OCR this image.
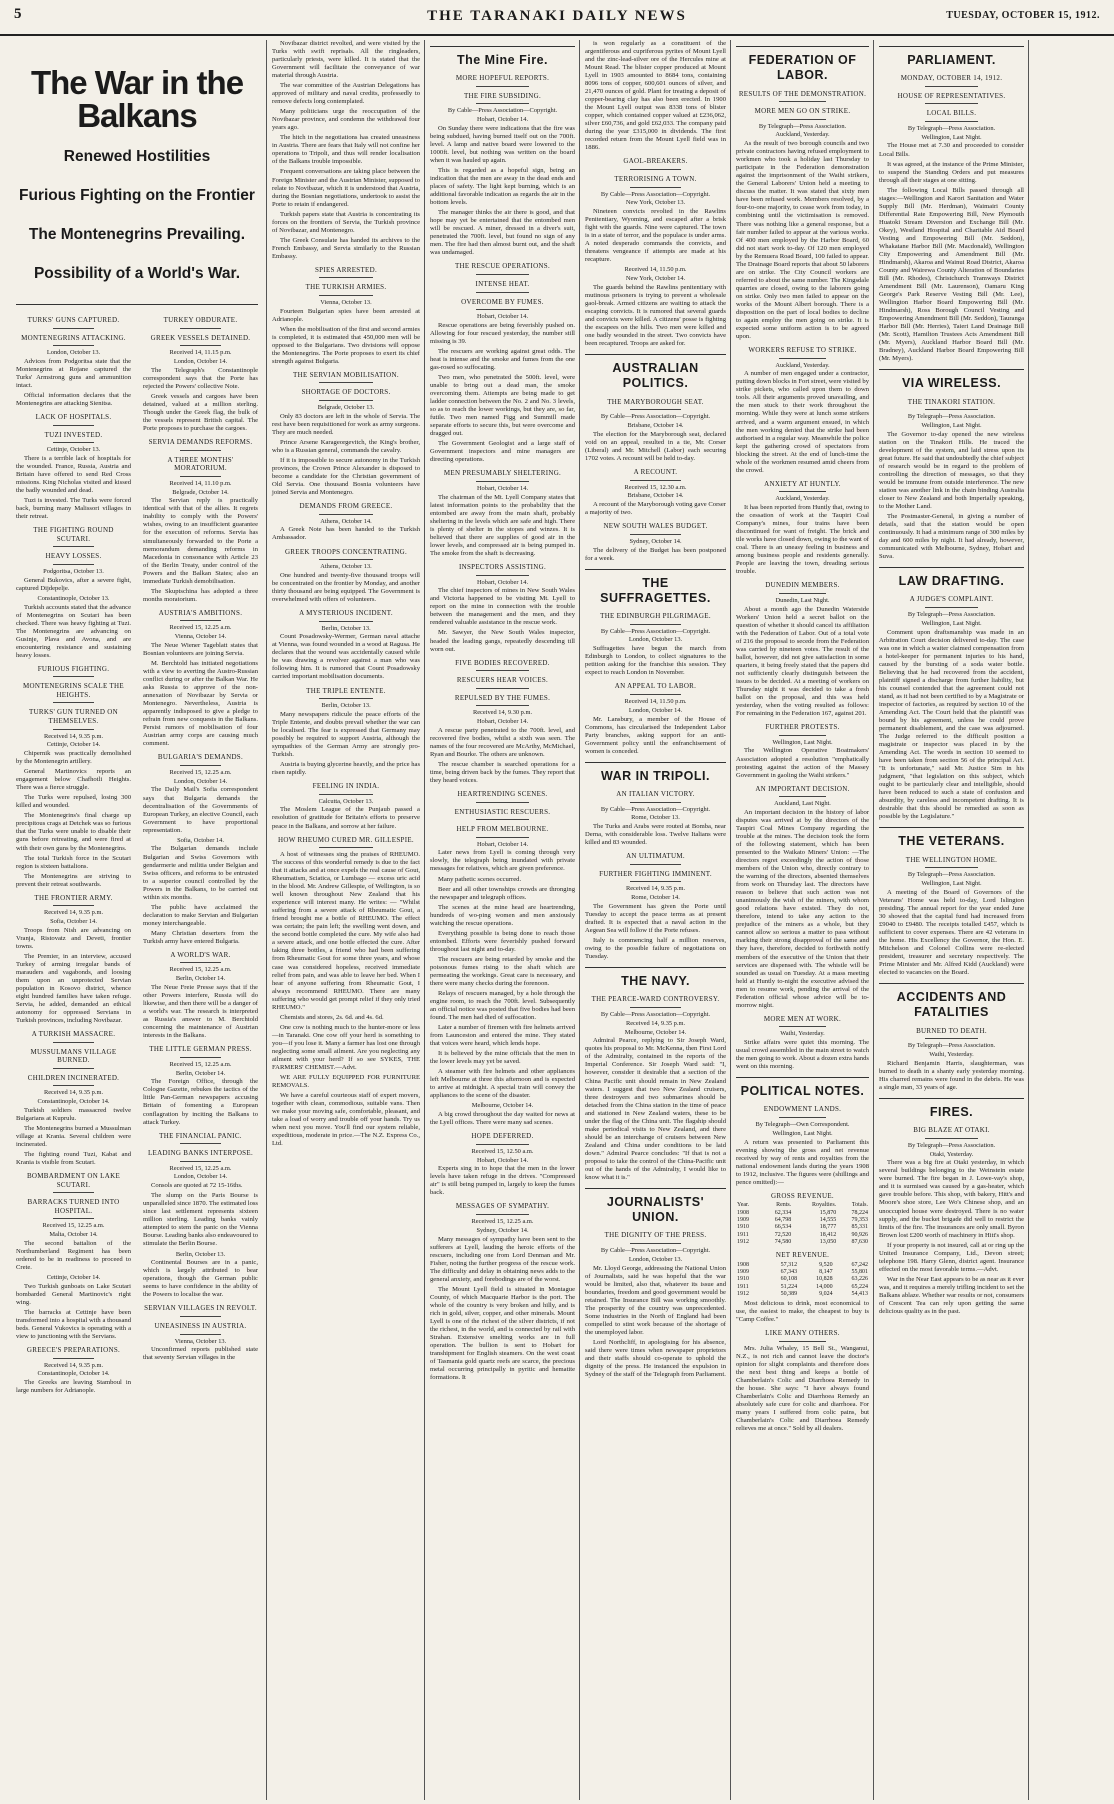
5	THE TARANAKI DAILY NEWS	TUESDAY, OCTOBER 15, 1912.
The War in the Balkans
Renewed Hostilities
Furious Fighting on the Frontier
The Montenegrins Prevailing.
Possibility of a World's War.
TURKS' GUNS CAPTURED.
MONTENEGRINS ATTACKING.
London, October 13.

Advices from Podgoritsa state that the Montenegrins at Rojane captured the Turks' Armstrong guns and ammunition intact.

Official information declares that the Montenegrins are attacking Sienitsa.

LACK OF HOSPITALS.
TUZI INVESTED.
Cettinje, October 13.

There is a terrible lack of hospitals for the wounded. France, Russia, Austria and Britain have offered to send Red Cross missions. King Nicholas visited and kissed the badly wounded and dead.

Tuzi is invested. The Turks were forced back, burning many Malissori villages in their retreat.

THE FIGHTING ROUND SCUTARI.
HEAVY LOSSES.
Podgoritsa, October 13.

General Bukovics, after a severe fight, captured Dijdepelje.

Constantinople, October 13.

Turkish accounts stated that the advance of Montenegrins on Scutari has been checked. There was heavy fighting at Tuzi. The Montenegrins are advancing on Gusinje, Plava and Avona, and are encountering resistance and sustaining heavy losses.

FURIOUS FIGHTING.
MONTENEGRINS SCALE THE HEIGHTS.
TURKS' GUN TURNED ON THEMSELVES.
Received 14, 9.35 p.m.
Cettinje, October 14.

Chipernik was practically demolished by the Montenegrin artillery.

General Martinovics reports an engagement below Chafhotli Heights. There was a fierce struggle.

The Turks were repulsed, losing 300 killed and wounded.

The Montenegrins's final charge up precipitous crags at Detchek was so furious that the Turks were unable to disable their guns before retreating, and were fired at with their own guns by the Montenegrins.

The total Turkish force in the Scutari region is sixteen battalions.

The Montenegrins are striving to prevent their retreat southwards.

THE FRONTIER ARMY.
Received 14, 9.35 p.m.
Sofia, October 14.

Troops from Nish are advancing on Vranja, Ristovatz and Deveti, frontier towns.

The Premier, in an interview, accused Turkey of arming irregular bands of marauders and vagabonds, and loosing them upon an unprotected Servian population in Kosovo district, whence eight hundred families have taken refuge. Servia, he added, demanded an ethical autonomy for oppressed Servians in Turkish provinces, including Novibazar.

A TURKISH MASSACRE.
MUSSULMANS VILLAGE BURNED.
CHILDREN INCINERATED.
Received 14, 9.35 p.m.
Constantinople, October 14.

Turkish soldiers massacred twelve Bulgarians at Kuprulu.

The Montenegrins burned a Mussulman village at Krania. Several children were incinerated.

The fighting round Tuzi, Kabat and Krania is visible from Scutari.

BOMBARDMENT ON LAKE SCUTARI.
BARRACKS TURNED INTO HOSPITAL.
Received 15, 12.25 a.m.
Malta, October 14.

The second battalion of the Northumberland Regiment has been ordered to be in readiness to proceed to Crete.

Cettinje, October 14.

Two Turkish gunboats on Lake Scutari bombarded General Martinovic's right wing.

The barracks at Cettinje have been transformed into a hospital with a thousand beds. General Vukovics is operating with a view to junctioning with the Servians.

GREECE'S PREPARATIONS.
Received 14, 9.35 p.m.
Constantinople, October 14.

The Greeks are leaving Stamboul in large numbers for Adrianople.

TURKEY OBDURATE.
GREEK VESSELS DETAINED.
Received 14, 11.15 p.m.
London, October 14.

The Telegraph's Constantinople correspondent says that the Porte has rejected the Powers' collective Note.

Greek vessels and cargoes have been detained, valued at a million sterling. Though under the Greek flag, the bulk of the vessels represent British capital. The Porte proposes to purchase the cargoes.

SERVIA DEMANDS REFORMS.
A THREE MONTHS' MORATORIUM.
Received 14, 11.10 p.m.
Belgrade, October 14.

The Servian reply is practically identical with that of the allies. It regrets inability to comply with the Powers' wishes, owing to an insufficient guarantee for the execution of reforms. Servia has simultaneously forwarded to the Porte a memorandum demanding reforms in Macedonia in consonance with Article 23 of the Berlin Treaty, under control of the Powers and the Balkan States; also an immediate Turkish demobilisation.

The Skuptschina has adopted a three months moratorium.

AUSTRIA'S AMBITIONS.
Received 15, 12.25 a.m.
Vienna, October 14.

The Neue Wiener Tageblatt states that Bosnian volunteers are joining Servia.

M. Berchtold has initiated negotiations with a view to averting the Austro-Russian conflict during or after the Balkan War. He asks Russia to approve of the non-annexation of Novibazar by Servia or Montenegro. Nevertheless, Austria is apparently indisposed to give a pledge to refrain from new conquests in the Balkans. Persist rumors of mobilisation of four Austrian army corps are causing much comment.

BULGARIA'S DEMANDS.
Received 15, 12.25 a.m.
London, October 14.

The Daily Mail's Sofia correspondent says that Bulgaria demands the decentralisation of the Governments of European Turkey, an elective Council, each Government to have proportional representation.

Sofia, October 14.

The Bulgarian demands include Bulgarian and Swiss Governors with gendarmerie and militia under Belgian and Swiss officers, and reforms to be entrusted to a superior council controlled by the Powers in the Balkans, to be carried out within six months.

The public have acclaimed the declaration to make Servian and Bulgarian money interchangeable.

Many Christian deserters from the Turkish army have entered Bulgaria.

A WORLD'S WAR.
Received 15, 12.25 a.m.
Berlin, October 14.

The Neue Freie Presse says that if the other Powers interfere, Russia will do likewise, and then there will be a danger of a world's war. The research is interpreted as Russia's answer to M. Berchtold concerning the maintenance of Austrian interests in the Balkans.

THE LITTLE GERMAN PRESS.
Received 15, 12.25 a.m.
Berlin, October 14.

The Foreign Office, through the Cologne Gazette, rebukes the tactics of the little Pan-German newspapers accusing Britain of fomenting a European conflagration by inciting the Balkans to attack Turkey.

THE FINANCIAL PANIC.
LEADING BANKS INTERPOSE.
Received 15, 12.25 a.m.
London, October 14.

Consols are quoted at 72 15-16ths.

The slump on the Paris Bourse is unparalleled since 1870. The estimated loss since last settlement represents sixteen million sterling. Leading banks vainly attempted to stem the panic on the Vienna Bourse. Leading banks also endeavoured to stimulate the Berlin Bourse.

Berlin, October 13.

Continental Bourses are in a panic, which is largely attributed to bear operations, though the German public seems to have confidence in the ability of the Powers to localise the war.

SERVIAN VILLAGES IN REVOLT.
UNEASINESS IN AUSTRIA.
Vienna, October 13.

Unconfirmed reports published state that seventy Servian villages in the

Novibazar district revolted, and were visited by the Turks with swift reprisals. All the ringleaders, particularly priests, were killed. It is stated that the Government will facilitate the conveyance of war material through Austria.

The war committee of the Austrian Delegations has approved of military and naval credits, professedly to remove defects long contemplated.

Many politicians urge the reoccupation of the Novibazar province, and condemn the withdrawal four years ago.

The hitch in the negotiations has created uneasiness in Austria. There are fears that Italy will not confine her operations to Tripoli, and thus will render localisation of the Balkans trouble impossible.

Frequent conversations are taking place between the Foreign Minister and the Austrian Minister, supposed to relate to Novibazar, which it is understood that Austria, during the Bosnian negotiations, undertook to assist the Porte to retain if endangered.

Turkish papers state that Austria is concentrating its forces on the frontiers of Servia, the Turkish province of Novibazar, and Montenegro.

The Greek Consulate has handed its archives to the French Embassy, and Servia similarly to the Russian Embassy.

SPIES ARRESTED.
THE TURKISH ARMIES.
Vienna, October 13.

Fourteen Bulgarian spies have been arrested at Adrianople.

When the mobilisation of the first and second armies is completed, it is estimated that 450,000 men will be opposed to the Bulgarians. Two divisions will oppose the Montenegrins. The Porte proposes to exert its chief strength against Bulgaria.

THE SERVIAN MOBILISATION.
SHORTAGE OF DOCTORS.
Belgrade, October 13.

Only 83 doctors are left in the whole of Servia. The rest have been requisitioned for work as army surgeons. They are much needed.

Prince Arsene Karageorgevitch, the King's brother, who is a Russian general, commands the cavalry.

If it is impossible to secure autonomy in the Turkish provinces, the Crown Prince Alexander is disposed to become a candidate for the Christian government of Old Servia. One thousand Bosnia volunteers have joined Servia and Montenegro.

DEMANDS FROM GREECE.
Athens, October 14.

A Greek Note has been handed to the Turkish Ambassador.

GREEK TROOPS CONCENTRATING.
Athens, October 13.

One hundred and twenty-five thousand troops will be concentrated on the frontier by Monday, and another thirty thousand are being equipped. The Government is overwhelmed with offers of volunteers.

A MYSTERIOUS INCIDENT.
Berlin, October 13.

Count Posadowsky-Wermer, German naval attache at Vienna, was found wounded in a wood at Ragusa. He declares that the wound was accidentally caused while he was drawing a revolver against a man who was following him. It is rumored that Count Posadowsky carried important mobilisation documents.

THE TRIPLE ENTENTE.
Berlin, October 13.

Many newspapers ridicule the peace efforts of the Triple Entente, and doubts prevail whether the war can be localised. The fear is expressed that Germany may possibly be required to support Austria, although the sympathies of the German Army are strongly pro-Turkish.

Austria is buying glycerine heavily, and the price has risen rapidly.

FEELING IN INDIA.
Calcutta, October 13.

The Moslem League of the Punjaub passed a resolution of gratitude for Britain's efforts to preserve peace in the Balkans, and sorrow at her failure.

HOW RHEUMO CURED MR. GILLESPIE.

A host of witnesses sing the praises of RHEUMO. The success of this wonderful remedy is due to the fact that it attacks and at once expels the real cause of Gout, Rheumatism, Sciatica, or Lumbago — excess uric acid in the blood. Mr. Andrew Gillespie, of Wellington, is so well known throughout New Zealand that his experience will interest many. He writes: — "Whilst suffering from a severe attack of Rheumatic Gout, a friend brought me a bottle of RHEUMO. The effect was certain; the pain left; the swelling went down, and the second bottle completed the cure. My wife also had a severe attack, and one bottle effected the cure. After taking three bottles, a friend who had been suffering from Rheumatic Gout for some three years, and whose case was considered hopeless, received immediate relief from pain, and was able to leave her bed. When I hear of anyone suffering from Rheumatic Gout, I always recommend RHEUMO. There are many suffering who would get prompt relief if they only tried RHEUMO."

Chemists and stores, 2s. 6d. and 4s. 6d.

One cow is nothing much to the hunter-more or less—in Taranaki. One cow off your herd is something to you—if you lose it. Many a farmer has lost one through neglecting some small ailment. Are you neglecting any ailment with your herd? If so see SYKES, THE FARMERS' CHEMIST.—Advt.

WE ARE FULLY EQUIPPED FOR FURNITURE REMOVALS.

We have a careful courteous staff of expert movers, together with clean, commodious, suitable vans. Then we make your moving safe, comfortable, pleasant, and take a load of worry and trouble off your hands. Try us when next you move. You'll find our system reliable, expeditious, moderate in price.—The N.Z. Express Co., Ltd.

The Mine Fire.
MORE HOPEFUL REPORTS.
THE FIRE SUBSIDING.
By Cable—Press Association—Copyright.
Hobart, October 14.

On Sunday there were indications that the fire was being subdued, having burned itself out on the 700ft. level. A lamp and native board were lowered to the 1000ft. level, but nothing was written on the board when it was hauled up again.

This is regarded as a hopeful sign, being an indication that the men are away in the dead ends and places of safety. The light kept burning, which is an additional favorable indication as regards the air in the bottom levels.

The manager thinks the air there is good, and that hope may yet be entertained that the entombed men will be rescued. A miner, dressed in a diver's suit, penetrated the 700ft. level, but found no sign of any men. The fire had then almost burnt out, and the shaft was undamaged.

THE RESCUE OPERATIONS.
INTENSE HEAT.
OVERCOME BY FUMES.
Hobart, October 14.

Rescue operations are being feverishly pushed on. Allowing for four rescued yesterday, the number still missing is 39.

The rescuers are working against great odds. The heat is intense and the smoke and fumes from the one gas-rosed so suffocating.

Two men, who penetrated the 500ft. level, were unable to bring out a dead man, the smoke overcoming them. Attempts are being made to get ladder connection between the No. 2 and No. 3 levels, so as to reach the lower workings, but they are, so far, futile. Two men named Figg and Summill made separate efforts to secure this, but were overcome and dragged out.

The Government Geologist and a large staff of Government inspectors and mine managers are directing operations.

MEN PRESUMABLY SHELTERING.
Hobart, October 14.

The chairman of the Mt. Lyell Company states that latest information points to the probability that the entombed are away from the main shaft, probably sheltering in the levels which are safe and high. There is plenty of shelter in the stopes and winzes. It is believed that there are supplies of good air in the lower levels, and compressed air is being pumped in. The smoke from the shaft is decreasing.

INSPECTORS ASSISTING.
Hobart, October 14.

The chief inspectors of mines in New South Wales and Victoria happened to be visiting Mt. Lyell to report on the mine in connection with the trouble between the management and the men, and they rendered valuable assistance in the rescue work.

Mr. Sawyer, the New South Wales inspector, headed the leading gangs, repeatedly descending till worn out.

FIVE BODIES RECOVERED.
RESCUERS HEAR VOICES.
REPULSED BY THE FUMES.
Received 14, 9.30 p.m.
Hobart, October 14.

A rescue party penetrated to the 700ft. level, and recovered five bodies, whilst a sixth was seen. The names of the four recovered are McArthy, McMichael, Ryan and Bourke. The others are unknown.

The rescue chamber is searched operations for a time, being driven back by the fumes. They report that they heard voices.

HEARTRENDING SCENES.
ENTHUSIASTIC RESCUERS.
HELP FROM MELBOURNE.
Hobart, October 14.

Later news from Lyell is coming through very slowly, the telegraph being inundated with private messages for relatives, which are given preference.

Many pathetic scenes occurred.

Beer and all other townships crowds are thronging the newspaper and telegraph offices.

The scenes at the mine head are heartrending, hundreds of wo-ping women and men anxiously watching the rescue operations.

Everything possible is being done to reach those entombed. Efforts were feverishly pushed forward throughout last night and to-day.

The rescuers are being retarded by smoke and the poisonous fumes rising to the shaft which are permeating the workings. Great care is necessary, and there were many checks during the forenoon.

Relays of rescuers managed, by a hole through the engine room, to reach the 700ft. level. Subsequently an official notice was posted that five bodies had been found. The men had died of suffocation.

Later a number of firemen with fire helmets arrived from Launceston and entered the mine. They stated that voices were heard, which lends hope.

It is believed by the mine officials that the men in the lower levels may yet be saved.

A steamer with fire helmets and other appliances left Melbourne at three this afternoon and is expected to arrive at midnight. A special train will convey the appliances to the scene of the disaster.

Melbourne, October 14.

A big crowd throughout the day waited for news at the Lyell offices. There were many sad scenes.

HOPE DEFERRED.
Received 15, 12.50 a.m.
Hobart, October 14.

Experts sing in to hope that the men in the lower levels have taken refuge in the drives. "Compressed air" is still being pumped in, largely to keep the fumes back.

MESSAGES OF SYMPATHY.
Received 15, 12.25 a.m.
Sydney, October 14.

Many messages of sympathy have been sent to the sufferers at Lyell, lauding the heroic efforts of the rescuers, including one from Lord Denman and Mr. Fisher, noting the further progress of the rescue work. The difficulty and delay in obtaining news adds to the general anxiety, and forebodings are of the worst.

The Mount Lyell field is situated in Montague County, of which Macquarie Harbor is the port. The whole of the country is very broken and hilly, and is rich in gold, silver, copper, and other minerals. Mount Lyell is one of the richest of the silver districts, if not the richest, in the world, and is connected by rail with Strahan. Extensive smelting works are in full operation. The bullion is sent to Hobart for transhipment for English steamers. On the west coast of Tasmania gold quartz reefs are scarce, the precious metal occurring principally in pyritic and hematite formations. It

is won regularly as a constituent of the argentiferous and cupriferous pyrites of Mount Lyell and the zinc-lead-silver ore of the Hercules mine at Mount Read. The blister copper produced at Mount Lyell in 1903 amounted to 8684 tons, containing 8096 tons of copper, 600,601 ounces of silver, and 21,470 ounces of gold. Plant for treating a deposit of copper-bearing clay has also been erected. In 1900 the Mount Lyell output was 8338 tons of blister copper, which contained copper valued at £236,062, silver £60,736, and gold £62,033. The company paid during the year £315,000 in dividends. The first recorded return from the Mount Lyell field was in 1886.

GAOL-BREAKERS.
TERRORISING A TOWN.
By Cable—Press Association—Copyright.
New York, October 13.

Nineteen convicts revolted in the Rawlins Penitentiary, Wyoming, and escaped after a brisk fight with the guards. Nine were captured. The town is in a state of terror, and the populace is under arms. A noted desperado commands the convicts, and threatens vengeance if attempts are made at his recapture.

Received 14, 11.50 p.m.
New York, October 14.

The guards behind the Rawlins penitentiary with mutinous prisoners is trying to prevent a wholesale gaol-break. Armed citizens are waiting to attack the escaping convicts. It is rumored that several guards and convicts were killed. A citizens' posse is fighting the escapees on the hills. Two men were killed and one badly wounded in the street. Two convicts have been recaptured. Troops are asked for.

AUSTRALIAN POLITICS.
THE MARYBOROUGH SEAT.
By Cable—Press Association—Copyright.
Brisbane, October 14.

The election for the Maryborough seat, declared void on an appeal, resulted in a tie, Mr. Corser (Liberal) and Mr. Mitchell (Labor) each securing 1702 votes. A recount will be held to-day.

A RECOUNT.
Received 15, 12.30 a.m.
Brisbane, October 14.

A recount of the Maryborough voting gave Corser a majority of two.

NEW SOUTH WALES BUDGET.
Sydney, October 14.

The delivery of the Budget has been postponed for a week.

THE SUFFRAGETTES.
THE EDINBURGH PILGRIMAGE.
By Cable—Press Association—Copyright.
London, October 13.

Suffragettes have begun the march from Edinburgh to London, to collect signatures to the petition asking for the franchise this session. They expect to reach London in November.

AN APPEAL TO LABOR.
Received 14, 11.50 p.m.
London, October 14.

Mr. Lansbury, a member of the House of Commons, has circularised the Independent Labor Party branches, asking support for an anti-Government policy until the enfranchisement of women is conceded.

WAR IN TRIPOLI.
AN ITALIAN VICTORY.
By Cable—Press Association—Copyright.
Rome, October 13.

The Turks and Arabs were routed at Bomba, near Derna, with considerable loss. Twelve Italians were killed and 83 wounded.

AN ULTIMATUM.
FURTHER FIGHTING IMMINENT.
Received 14, 9.35 p.m.
Rome, October 14.

The Government has given the Porte until Tuesday to accept the peace terms as at present drafted. It is expected that a naval action in the Aegean Sea will follow if the Porte refuses.

Italy is commencing half a million reserves, owing to the possible failure of negotiations on Tuesday.

THE NAVY.
THE PEARCE-WARD CONTROVERSY.
By Cable—Press Association—Copyright.
Received 14, 9.35 p.m.
Melbourne, October 14.

Admiral Pearce, replying to Sir Joseph Ward, quotes his proposal to Mr. McKenna, then First Lord of the Admiralty, contained in the reports of the Imperial Conference. Sir Joseph Ward said: "I, however, consider it desirable that a section of the China Pacific unit should remain in New Zealand waters. I suggest that two New Zealand cruisers, three destroyers and two submarines should be detached from the China station in the time of peace and stationed in New Zealand waters, these to be under the flag of the China unit. The flagship should make periodical visits to New Zealand, and there should be an interchange of cruisers between New Zealand and China under conditions to be laid down." Admiral Pearce concludes: "If that is not a proposal to take the control of the China-Pacific unit out of the hands of the Admiralty, I would like to know what it is."

JOURNALISTS' UNION.
THE DIGNITY OF THE PRESS.
By Cable—Press Association—Copyright.
London, October 13.

Mr. Lloyd George, addressing the National Union of Journalists, said he was hopeful that the war would be limited, also that, whatever its issue and boundaries, freedom and good government would be retained. The Insurance Bill was working smoothly. The prosperity of the country was unprecedented. Some industries in the North of England had been compelled to stint work because of the shortage of the unemployed labor.

Lord Northcliff, in apologising for his absence, said there were times when newspaper proprietors and their staffs should co-operate to uphold the dignity of the press. He instanced the expulsion in Sydney of the staff of the Telegraph from Parliament.

FEDERATION OF LABOR.
RESULTS OF THE DEMONSTRATION.
MORE MEN GO ON STRIKE.
By Telegraph—Press Association.
Auckland, Yesterday.

As the result of two borough councils and two private contractors having refused employment to workmen who took a holiday last Thursday to participate in the Federation demonstration against the imprisonment of the Waihi strikers, the General Laborers' Union held a meeting to discuss the matter. It was stated that sixty men have been refused work. Members resolved, by a four-to-one majority, to cease work from today, in combining until the victimisation is removed. There was nothing like a general response, but a fair number failed to appear at the various works. Of 400 men employed by the Harbor Board, 60 did not start work to-day. Of 120 men employed by the Remuera Road Board, 100 failed to appear. The Drainage Board reports that about 50 laborers are on strike. The City Council workers are referred to about the same number. The Kingsdale quarries are closed, owing to the laborers going on strike. Only two men failed to appear on the works of the Mount Albert borough. There is a disposition on the part of local bodies to decline to again employ the men going on strike. It is expected some uniform action is to be agreed upon.

WORKERS REFUSE TO STRIKE.
Auckland, Yesterday.

A number of men engaged under a contractor, putting down blocks in Fort street, were visited by strike pickets, who called upon them to down tools. All their arguments proved unavailing, and the men stuck to their work throughout the morning. While they were at lunch some strikers arrived, and a warm argument ensued, in which the men working denied that the strike had been authorised in a regular way. Meanwhile the police kept the gathering crowd of spectators from blocking the street. At the end of lunch-time the whole of the workmen resumed amid cheers from the crowd.

ANXIETY AT HUNTLY.
Auckland, Yesterday.

It has been reported from Huntly that, owing to the cessation of work at the Taupiri Coal Company's mines, four trains have been discontinued for want of freight. The brick and tile works have closed down, owing to the want of coal. There is an uneasy feeling in business and among business people and residents generally. People are leaving the town, dreading serious trouble.

DUNEDIN MEMBERS.
Dunedin, Last Night.

About a month ago the Dunedin Waterside Workers' Union held a secret ballot on the question of whether it should cancel its affiliation with the Federation of Labor. Out of a total vote of 216 the proposal to secede from the Federation was carried by nineteen votes. The result of the ballot, however, did not give satisfaction in some quarters, it being freely stated that the papers did not sufficiently clearly distinguish between the issues to be decided. At a meeting of workers on Thursday night it was decided to take a fresh ballot on the proposal, and this was held yesterday, when the voting resulted as follows: For remaining in the Federation 167, against 201.

FURTHER PROTESTS.
Wellington, Last Night.

The Wellington Operative Boatmakers' Association adopted a resolution "emphatically protesting against the action of the Massey Government in gaoling the Waihi strikers."

AN IMPORTANT DECISION.
Auckland, Last Night.

An important decision in the history of labor disputes was arrived at by the directors of the Taupiri Coal Mines Company regarding the trouble at the mines. The decision took the form of the following statement, which has been presented to the Waikato Miners' Union: —The directors regret exceedingly the action of those members of the Union who, directly contrary to the warning of the directors, absented themselves from work on Thursday last. The directors have reason to believe that such action was not unanimously the wish of the miners, with whom good relations have existed. They do not, therefore, intend to take any action to the prejudice of the miners as a whole, but they cannot allow so serious a matter to pass without marking their strong disapproval of the same and they have, therefore, decided to forthwith notify members of the executive of the Union that their services are dispensed with. The whistle will be sounded as usual on Tuesday. At a mass meeting held at Huntly to-night the executive advised the men to resume work, pending the arrival of the Federation official whose advice will be to-morrow night.

MORE MEN AT WORK.
Waihi, Yesterday.

Strike affairs were quiet this morning. The usual crowd assembled in the main street to watch the men going to work. About a dozen extra hands went on this morning.

POLITICAL NOTES.
ENDOWMENT LANDS.
By Telegraph—Own Correspondent.
Wellington, Last Night.

A return was presented to Parliament this evening showing the gross and net revenue received by way of rents and royalties from the national endowment lands during the years 1908 to 1912, inclusive. The figures were (shillings and pence omitted):—

GROSS REVENUE.
Year.	Rents.	Royalties.	Totals.
1908	62,334	15,870	78,224
1909	64,798	14,555	79,353
1910	66,534	18,777	85,331
1911	72,520	18,412	90,926
1912	74,580	13,050	87,630
NET REVENUE.
1908	57,312	9,520	67,242
1909	67,343	8,147	55,801
1910	60,108	10,828	63,226
1911	51,224	14,000	65,224
1912	50,389	9,024	54,413

Most delicious to drink, most economical to use, the easiest to make, the cheapest to buy is "Camp Coffee."

LIKE MANY OTHERS.

Mrs. Julia Whaley, 15 Bell St., Wanganui, N.Z., is not rich and cannot leave the doctor's opinion for slight complaints and therefore does the next best thing and keeps a bottle of Chamberlain's Colic and Diarrhoea Remedy in the house. She says: "I have always found Chamberlain's Colic and Diarrhoea Remedy an absolutely safe cure for colic and diarrhoea. For many years I suffered from colic pains, but Chamberlain's Colic and Diarrhoea Remedy relieves me at once." Sold by all dealers.

PARLIAMENT.
MONDAY, OCTOBER 14, 1912.
HOUSE OF REPRESENTATIVES.
LOCAL BILLS.
By Telegraph—Press Association.
Wellington, Last Night.

The House met at 7.30 and proceeded to consider Local Bills.

It was agreed, at the instance of the Prime Minister, to suspend the Standing Orders and put measures through all their stages at one sitting.

The following Local Bills passed through all stages:—Wellington and Karori Sanitation and Water Supply Bill (Mr. Herdman), Waimairi County Differential Rate Empowering Bill, New Plymouth Huatoki Stream Diversion and Exchange Bill (Mr. Okey), Westland Hospital and Charitable Aid Board Vesting and Empowering Bill (Mr. Seddon), Whakatane Harbor Bill (Mr. Macdonald), Wellington City Empowering and Amendment Bill (Mr. Hindmarsh), Akaroa and Wainui Road District, Akaroa County and Wairewa County Alteration of Boundaries Bill (Mr. Rhodes), Christchurch Tramways District Amendment Bill (Mr. Laurenson), Oamaru King George's Park Reserve Vesting Bill (Mr. Lee), Wellington Harbor Board Empowering Bill (Mr. Hindmarsh), Ross Borough Council Vesting and Empowering Amendment Bill (Mr. Seddon), Tauranga Harbor Bill (Mr. Herries), Taieri Land Drainage Bill (Mr. Scott), Hamilton Trustees Acts Amendment Bill (Mr. Myers), Auckland Harbor Board Bill (Mr. Bradney), Auckland Harbor Board Empowering Bill (Mr. Myers).

VIA WIRELESS.
THE TINAKORI STATION.
By Telegraph—Press Association.
Wellington, Last Night.

The Governor to-day opened the new wireless station on the Tinakori Hills. He traced the development of the system, and laid stress upon its great future. He said that undoubtedly the chief subject of research would be in regard to the problem of controlling the direction of messages, so that they would be immune from outside interference. The new station was another link in the chain binding Australia closer to New Zealand and both Imperially speaking, to the Mother Land.

The Postmaster-General, in giving a number of details, said that the station would be open continuously. It had a minimum range of 300 miles by day and 600 miles by night. It had already, however, communicated with Melbourne, Sydney, Hobart and Suva.

LAW DRAFTING.
A JUDGE'S COMPLAINT.
By Telegraph—Press Association.
Wellington, Last Night.

Comment upon draftsmanship was made in an Arbitration Court decision delivered to-day. The case was one in which a waiter claimed compensation from a hotel-keeper for permanent injuries to his hand, caused by the bursting of a soda water bottle. Believing that he had recovered from the accident, plaintiff signed a discharge from further liability, but his counsel contended that the agreement could not stand, as it had not been certified to by a Magistrate or inspector of factories, as required by section 10 of the Amending Act. The Court held that the plaintiff was bound by his agreement, unless he could prove permanent disablement, and the case was adjourned. The Judge referred to the difficult position a magistrate or inspector was placed in by the Amending Act. The words in section 10 seemed to have been taken from section 56 of the principal Act. "It is unfortunate," said Mr. Justice Sim in his judgment, "that legislation on this subject, which ought to be particularly clear and intelligible, should have been reduced to such a state of confusion and absurdity, by careless and incompetent drafting. It is desirable that this should be remedied as soon as possible by the Legislature."

THE VETERANS.
THE WELLINGTON HOME.
By Telegraph—Press Association.
Wellington, Last Night.

A meeting of the Board of Governors of the Veterans' Home was held to-day, Lord Islington presiding. The annual report for the year ended June 30 showed that the capital fund had increased from £9040 to £9480. The receipts totalled £457, which is sufficient to cover expenses. There are 42 veterans in the home. His Excellency the Governor, the Hon. E. Mitchelson and Colonel Collins were re-elected president, treasurer and secretary respectively. The Prime Minister and Mr. Alfred Kidd (Auckland) were elected to vacancies on the Board.

ACCIDENTS AND FATALITIES
BURNED TO DEATH.
By Telegraph—Press Association.
Waihi, Yesterday.

Richard Benjamin Harris, slaughterman, was burned to death in a shanty early yesterday morning. His charred remains were found in the debris. He was a single man, 33 years of age.

FIRES.
BIG BLAZE AT OTAKI.
By Telegraph—Press Association.
Otaki, Yesterday.

There was a big fire at Otaki yesterday, in which several buildings belonging to the Weinstein estate were burned. The fire began in J. Lowe-vay's shop, and it is surmised was caused by a gas-heater, which gave trouble before. This shop, with bakery, Hitt's and Moore's shoe store, Lee Wo's Chinese shop, and an unoccupied house were destroyed. There is no water supply, and the bucket brigade did well to restrict the limits of the fire. The insurances are only small. Byron Brown lost £200 worth of machinery in Hitt's shop.

If your property is not insured, call at or ring up the United Insurance Company, Ltd., Devon street; telephone 198. Harry Glenn, district agent. Insurance effected on the most favorable terms.—Advt.

War in the Near East appears to be as near as it ever was, and it requires a merely trifling incident to set the Balkans ablaze. Whether war results or not, consumers of Crescent Tea can rely upon getting the same delicious quality as in the past.
